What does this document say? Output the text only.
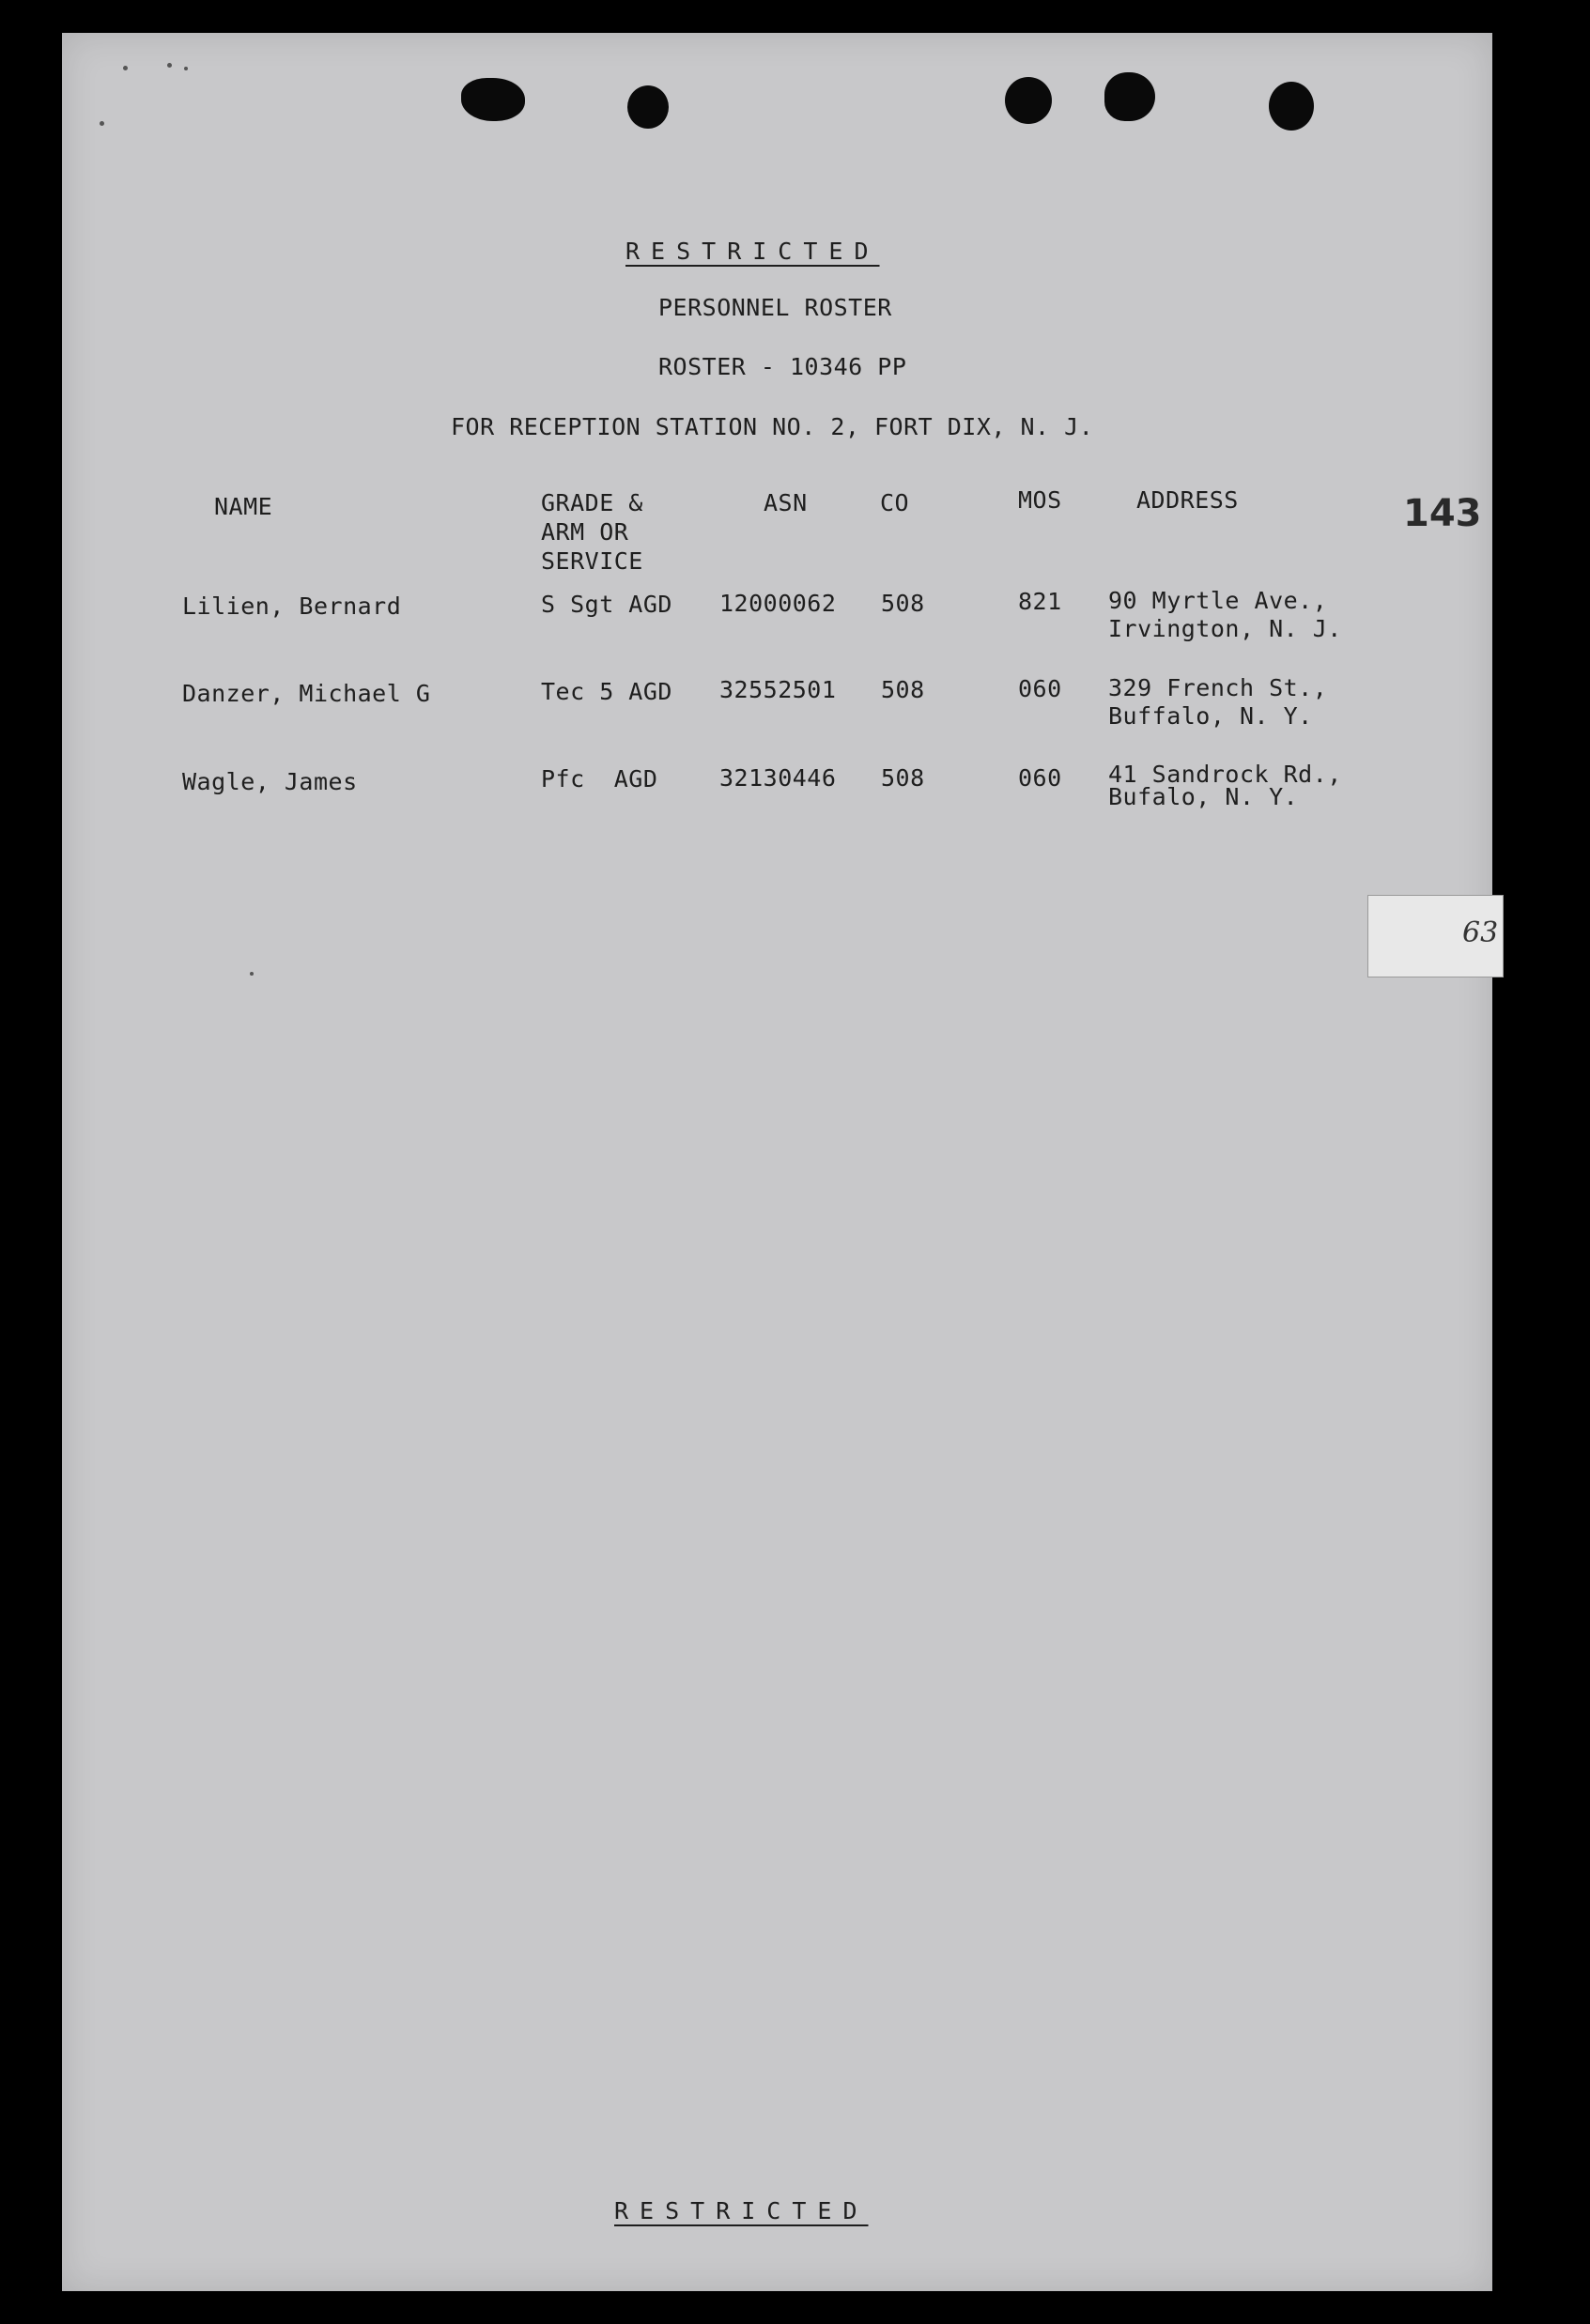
RESTRICTED
PERSONNEL ROSTER
ROSTER - 10346 PP
FOR RECEPTION STATION NO. 2, FORT DIX, N. J.
143
NAME	GRADE &
ARM OR
SERVICE
ASN	CO	MOS	ADDRESS
Lilien, Bernard	S Sgt AGD 12000062 508	821 90 Myrtle Ave.,
Irvington, N. J.
Danzer, Michael G	Tec 5 AGD 32552501 508	060 329 French St.,
Buffalo, N. Y.
Wagle, James	Pfc  AGD	32130446 508	060 41 Sandrock Rd.,
Bufalo, N. Y.
RESTRICTED
63
